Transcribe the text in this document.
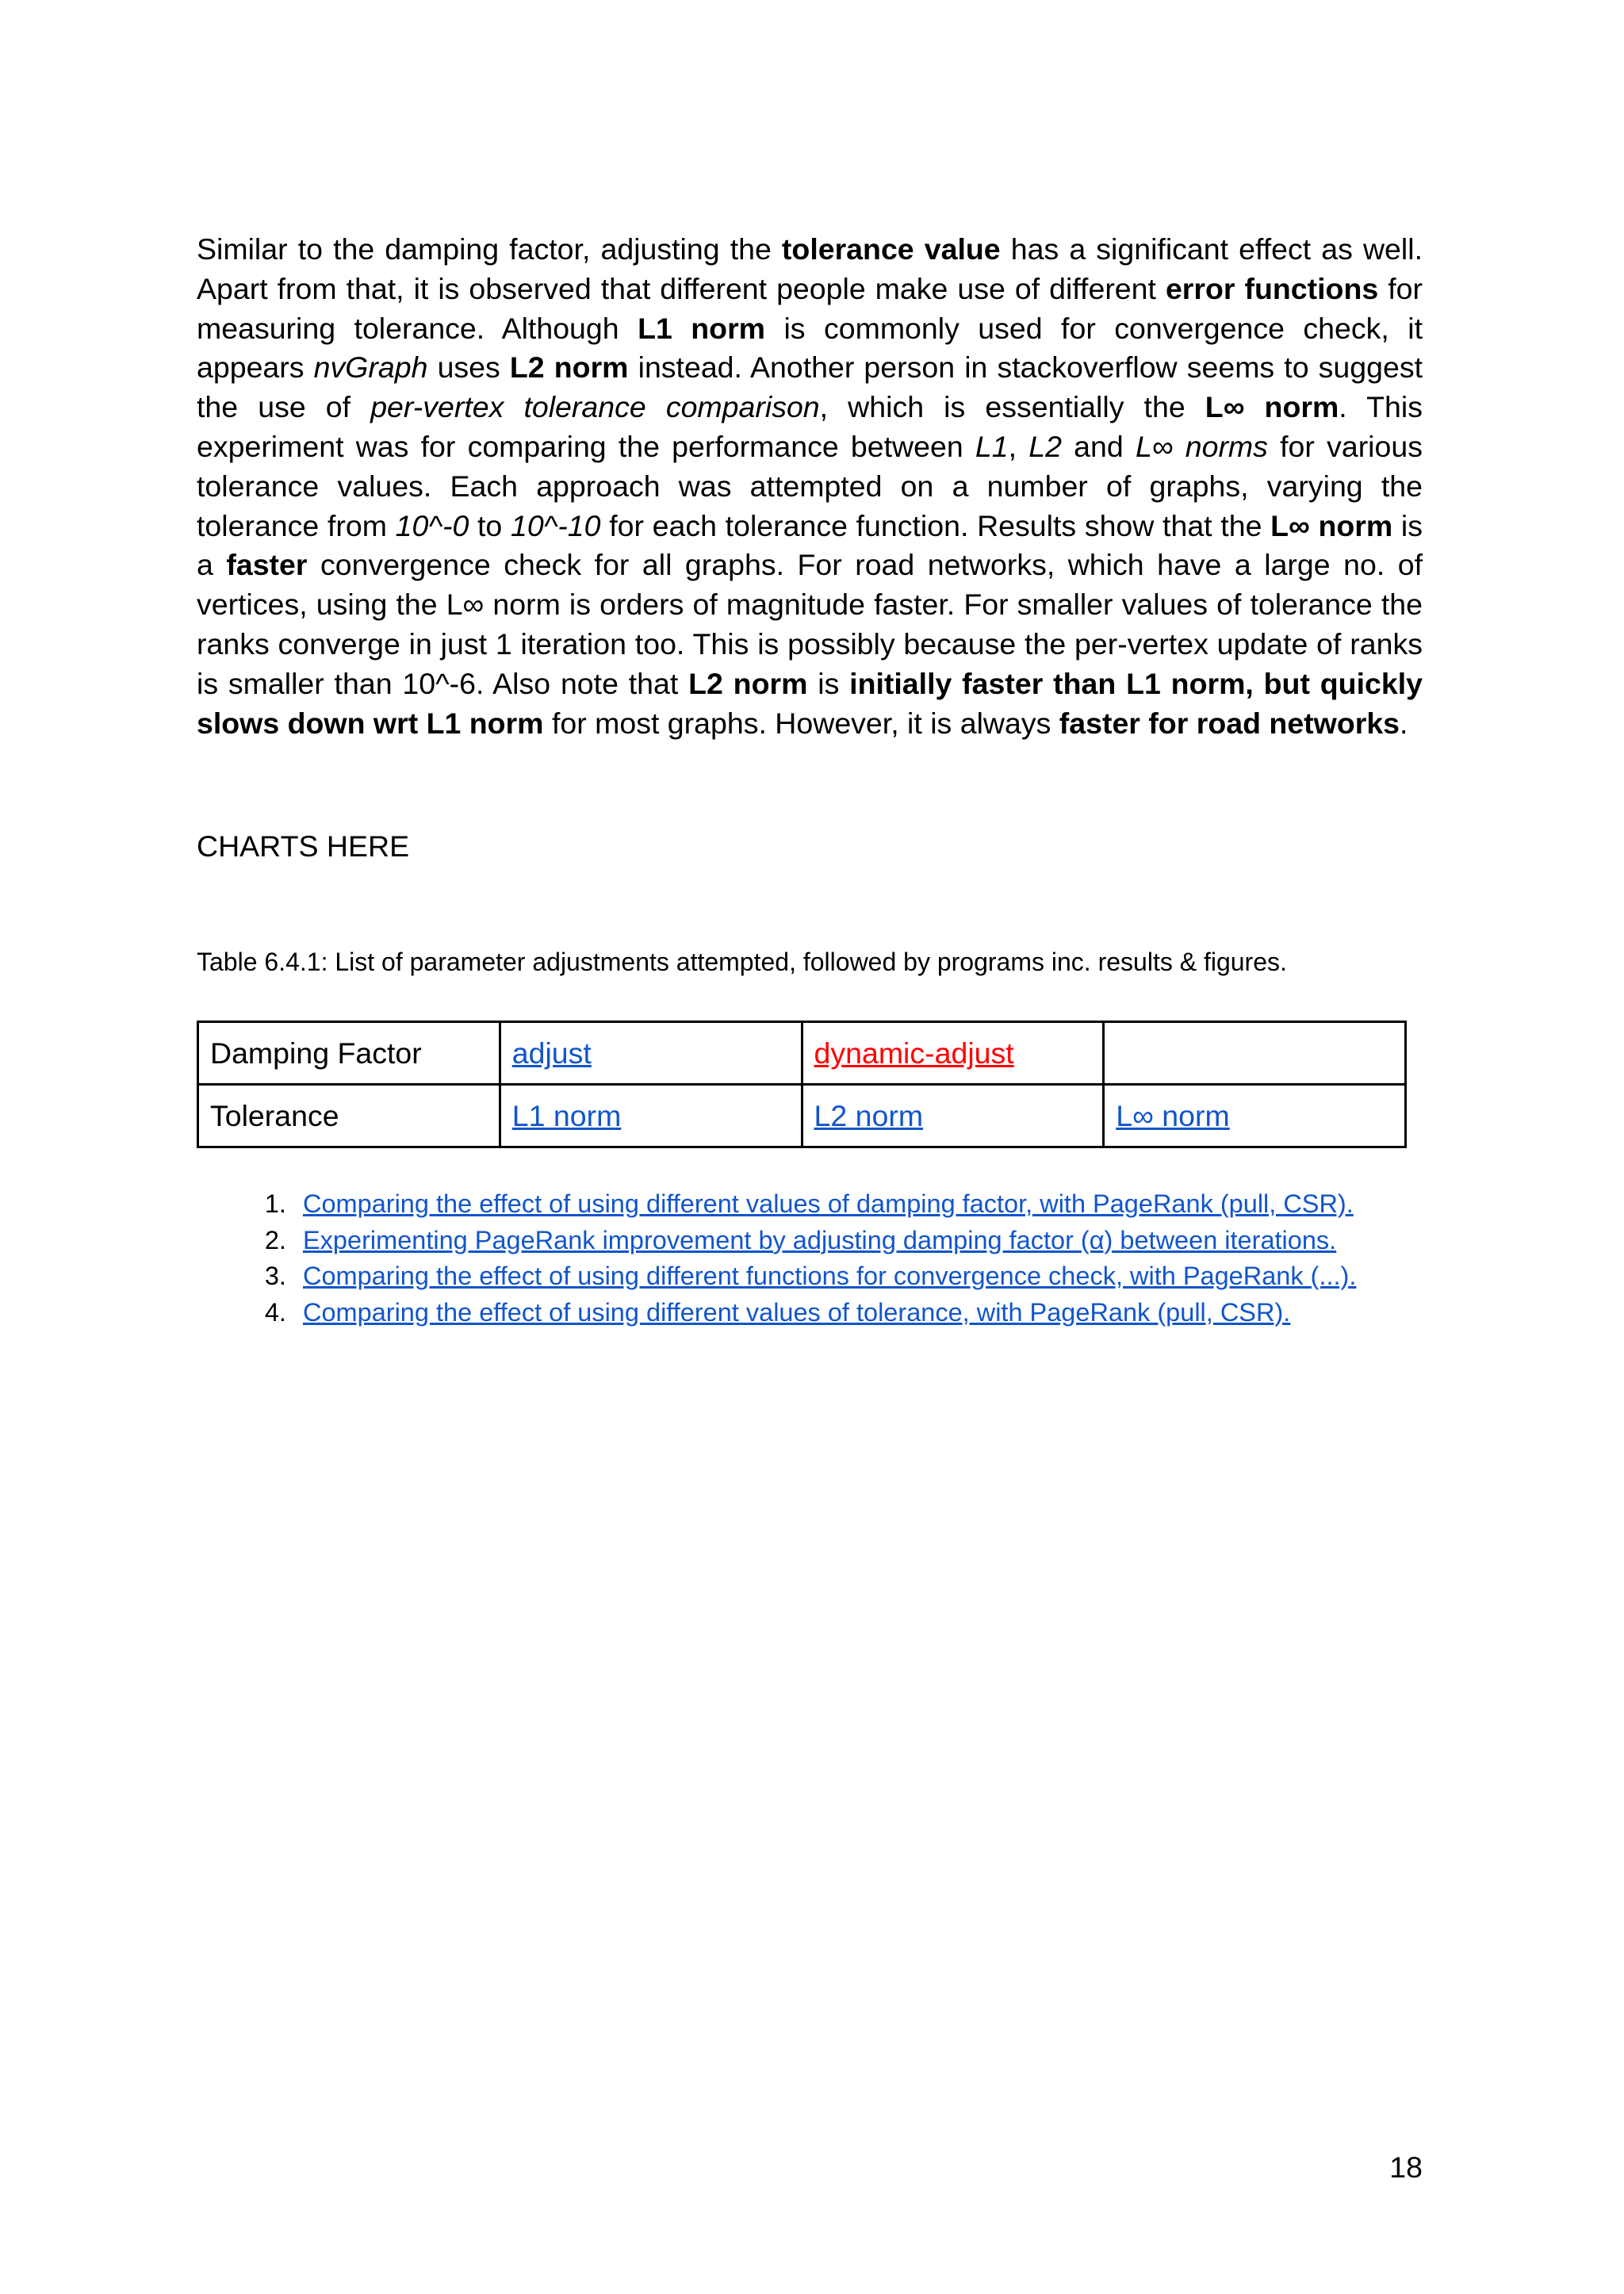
Similar to the damping factor, adjusting the tolerance value has a significant effect as well. Apart from that, it is observed that different people make use of different error functions for measuring tolerance. Although L1 norm is commonly used for convergence check, it appears nvGraph uses L2 norm instead. Another person in stackoverflow seems to suggest the use of per-vertex tolerance comparison, which is essentially the L∞ norm. This experiment was for comparing the performance between L1, L2 and L∞ norms for various tolerance values. Each approach was attempted on a number of graphs, varying the tolerance from 10^-0 to 10^-10 for each tolerance function. Results show that the L∞ norm is a faster convergence check for all graphs. For road networks, which have a large no. of vertices, using the L∞ norm is orders of magnitude faster. For smaller values of tolerance the ranks converge in just 1 iteration too. This is possibly because the per-vertex update of ranks is smaller than 10^-6. Also note that L2 norm is initially faster than L1 norm, but quickly slows down wrt L1 norm for most graphs. However, it is always faster for road networks.

CHARTS HERE

Table 6.4.1: List of parameter adjustments attempted, followed by programs inc. results & figures.

Damping Factor	adjust	dynamic-adjust	
Tolerance	L1 norm	L2 norm	L∞ norm
1. Comparing the effect of using different values of damping factor, with PageRank (pull, CSR).
2. Experimenting PageRank improvement by adjusting damping factor (α) between iterations.
3. Comparing the effect of using different functions for convergence check, with PageRank (...).
4. Comparing the effect of using different values of tolerance, with PageRank (pull, CSR).

18
